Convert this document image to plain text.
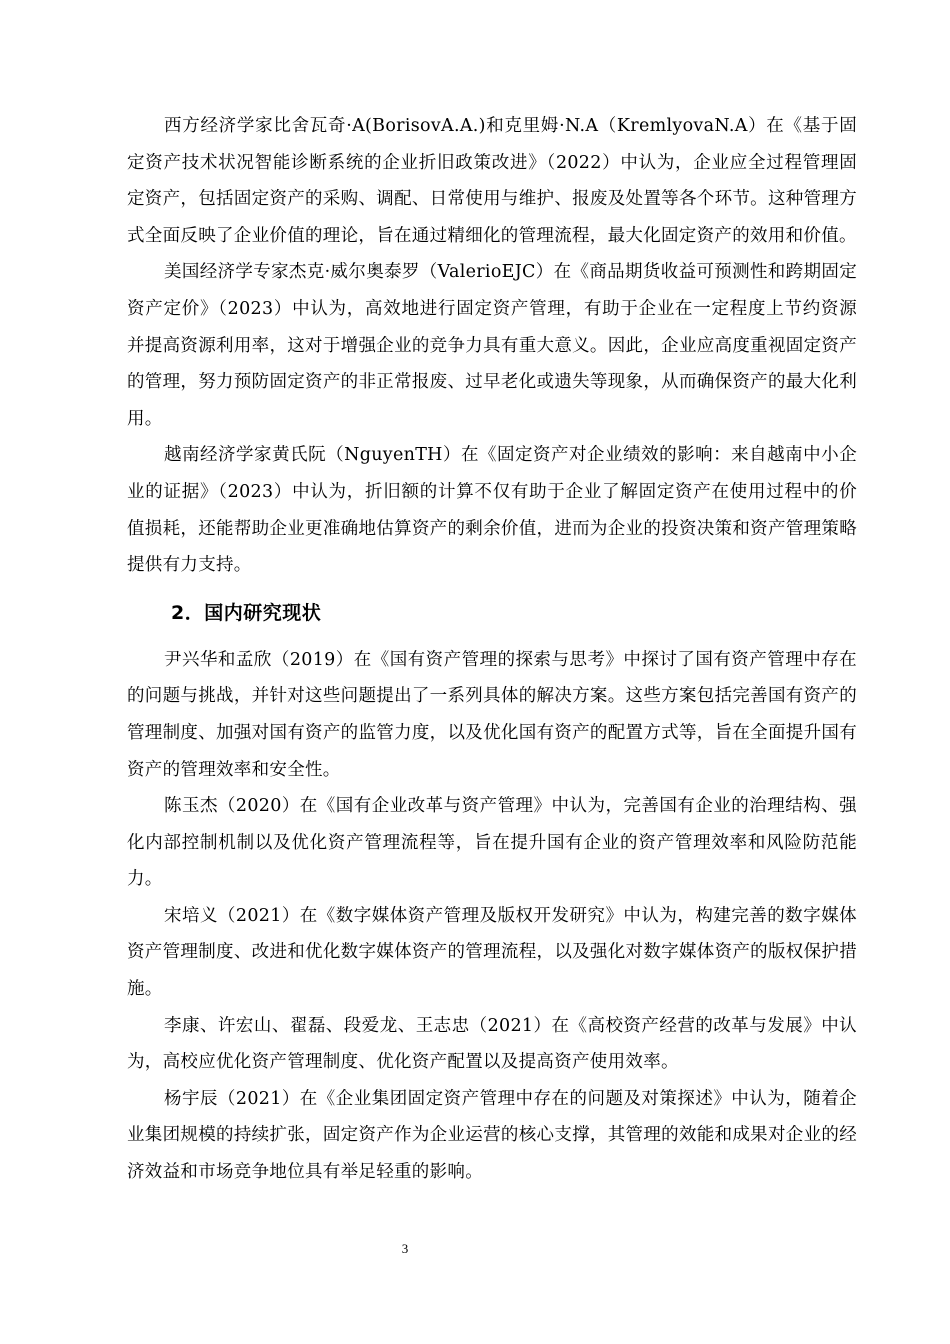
西方经济学家比舍瓦奇·A(BorisovA.A.)和克里姆·N.A（KremlyovaN.A）在《基于固定资产技术状况智能诊断系统的企业折旧政策改进》（2022）中认为，企业应全过程管理固定资产，包括固定资产的采购、调配、日常使用与维护、报废及处置等各个环节。这种管理方式全面反映了企业价值的理论，旨在通过精细化的管理流程，最大化固定资产的效用和价值。

美国经济学专家杰克·威尔奥泰罗（ValerioEJC）在《商品期货收益可预测性和跨期固定资产定价》（2023）中认为，高效地进行固定资产管理，有助于企业在一定程度上节约资源并提高资源利用率，这对于增强企业的竞争力具有重大意义。因此，企业应高度重视固定资产的管理，努力预防固定资产的非正常报废、过早老化或遗失等现象，从而确保资产的最大化利用。

越南经济学家黄氏阮（NguyenTH）在《固定资产对企业绩效的影响：来自越南中小企业的证据》（2023）中认为，折旧额的计算不仅有助于企业了解固定资产在使用过程中的价值损耗，还能帮助企业更准确地估算资产的剩余价值，进而为企业的投资决策和资产管理策略提供有力支持。

2．国内研究现状

尹兴华和孟欣（2019）在《国有资产管理的探索与思考》中探讨了国有资产管理中存在的问题与挑战，并针对这些问题提出了一系列具体的解决方案。这些方案包括完善国有资产的管理制度、加强对国有资产的监管力度，以及优化国有资产的配置方式等，旨在全面提升国有资产的管理效率和安全性。

陈玉杰（2020）在《国有企业改革与资产管理》中认为，完善国有企业的治理结构、强化内部控制机制以及优化资产管理流程等，旨在提升国有企业的资产管理效率和风险防范能力。

宋培义（2021）在《数字媒体资产管理及版权开发研究》中认为，构建完善的数字媒体资产管理制度、改进和优化数字媒体资产的管理流程，以及强化对数字媒体资产的版权保护措施。

李康、许宏山、翟磊、段爱龙、王志忠（2021）在《高校资产经营的改革与发展》中认为，高校应优化资产管理制度、优化资产配置以及提高资产使用效率。

杨宇辰（2021）在《企业集团固定资产管理中存在的问题及对策探述》中认为，随着企业集团规模的持续扩张，固定资产作为企业运营的核心支撑，其管理的效能和成果对企业的经济效益和市场竞争地位具有举足轻重的影响。

3
